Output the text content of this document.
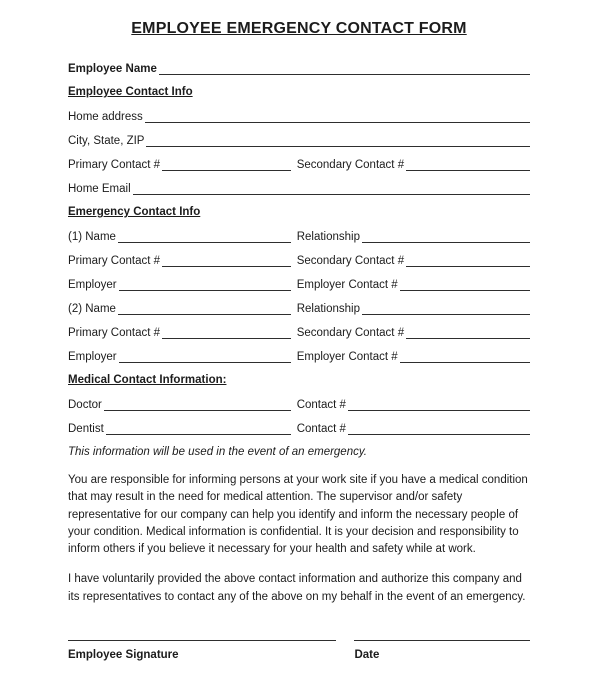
EMPLOYEE EMERGENCY CONTACT FORM
Employee Name
Employee Contact Info
Home address
City, State, ZIP
Primary Contact #	Secondary Contact #
Home Email
Emergency Contact Info
(1) Name	Relationship
Primary Contact #	Secondary Contact #
Employer	Employer Contact #
(2) Name	Relationship
Primary Contact #	Secondary Contact #
Employer	Employer Contact #
Medical Contact Information:
Doctor	Contact #
Dentist	Contact #
This information will be used in the event of an emergency.

You are responsible for informing persons at your work site if you have a medical condition that may result in the need for medical attention. The supervisor and/or safety representative for our company can help you identify and inform the necessary people of your condition. Medical information is confidential. It is your decision and responsibility to inform others if you believe it necessary for your health and safety while at work.

I have voluntarily provided the above contact information and authorize this company and its representatives to contact any of the above on my behalf in the event of an emergency.

Employee Signature	Date
